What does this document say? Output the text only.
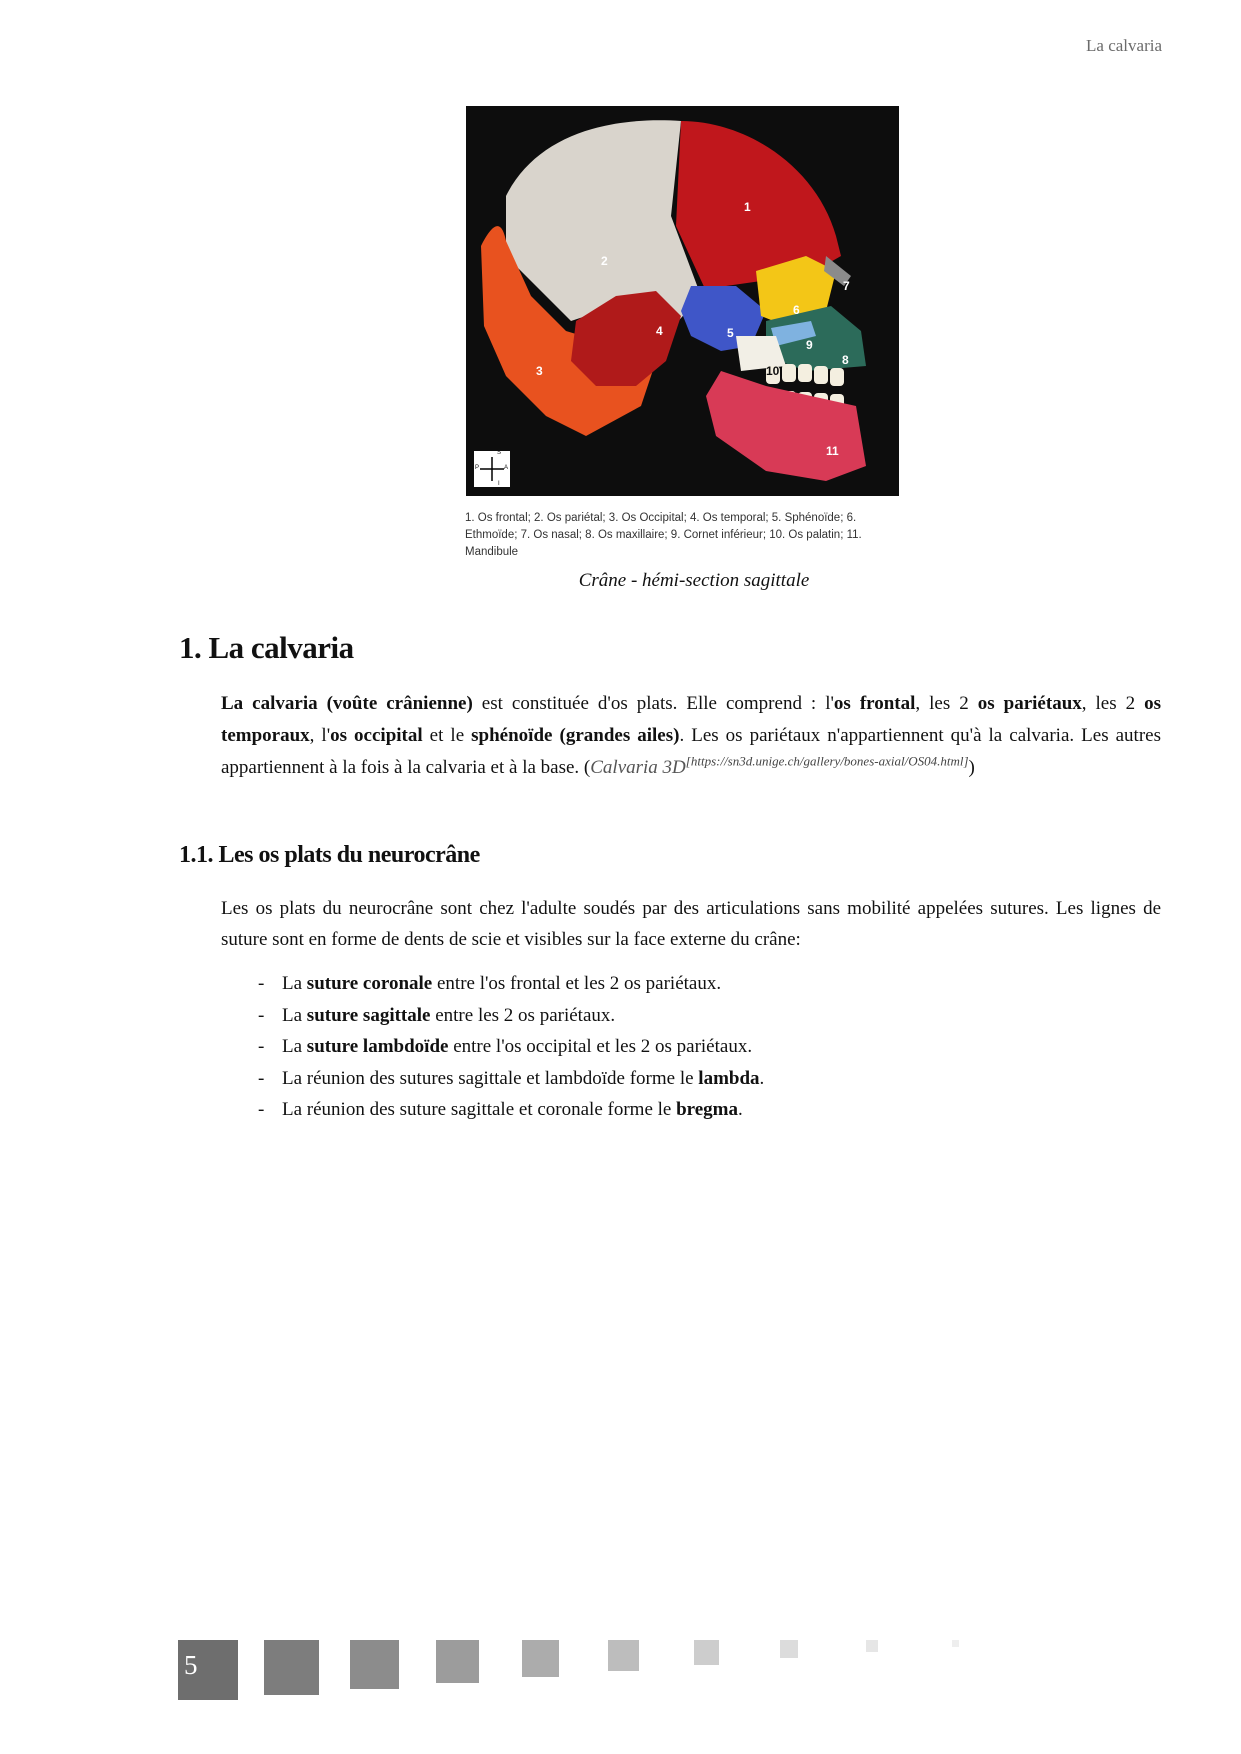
La calvaria
1
2
3
4	5
6
7
8
9
10
11
S
I
P	A
1. Os frontal; 2. Os pariétal; 3. Os Occipital; 4. Os temporal; 5. Sphénoïde; 6. Ethmoïde; 7. Os nasal; 8. Os maxillaire; 9. Cornet inférieur; 10. Os palatin; 11. Mandibule
Crâne - hémi-section sagittale
1. La calvaria
La calvaria (voûte crânienne) est constituée d'os plats. Elle comprend : l'os frontal, les 2 os pariétaux, les 2 os temporaux, l'os occipital et le sphénoïde (grandes ailes). Les os pariétaux n'appartiennent qu'à la calvaria. Les autres appartiennent à la fois à la calvaria et à la base. (Calvaria 3D[https://sn3d.unige.ch/gallery/bones-axial/OS04.html])
1.1. Les os plats du neurocrâne
Les os plats du neurocrâne sont chez l'adulte soudés par des articulations sans mobilité appelées sutures. Les lignes de suture sont en forme de dents de scie et visibles sur la face externe du crâne:
- La suture coronale entre l'os frontal et les 2 os pariétaux.
- La suture sagittale entre les 2 os pariétaux.
- La suture lambdoïde entre l'os occipital et les 2 os pariétaux.
- La réunion des sutures sagittale et lambdoïde forme le lambda.
- La réunion des suture sagittale et coronale forme le bregma.
5
